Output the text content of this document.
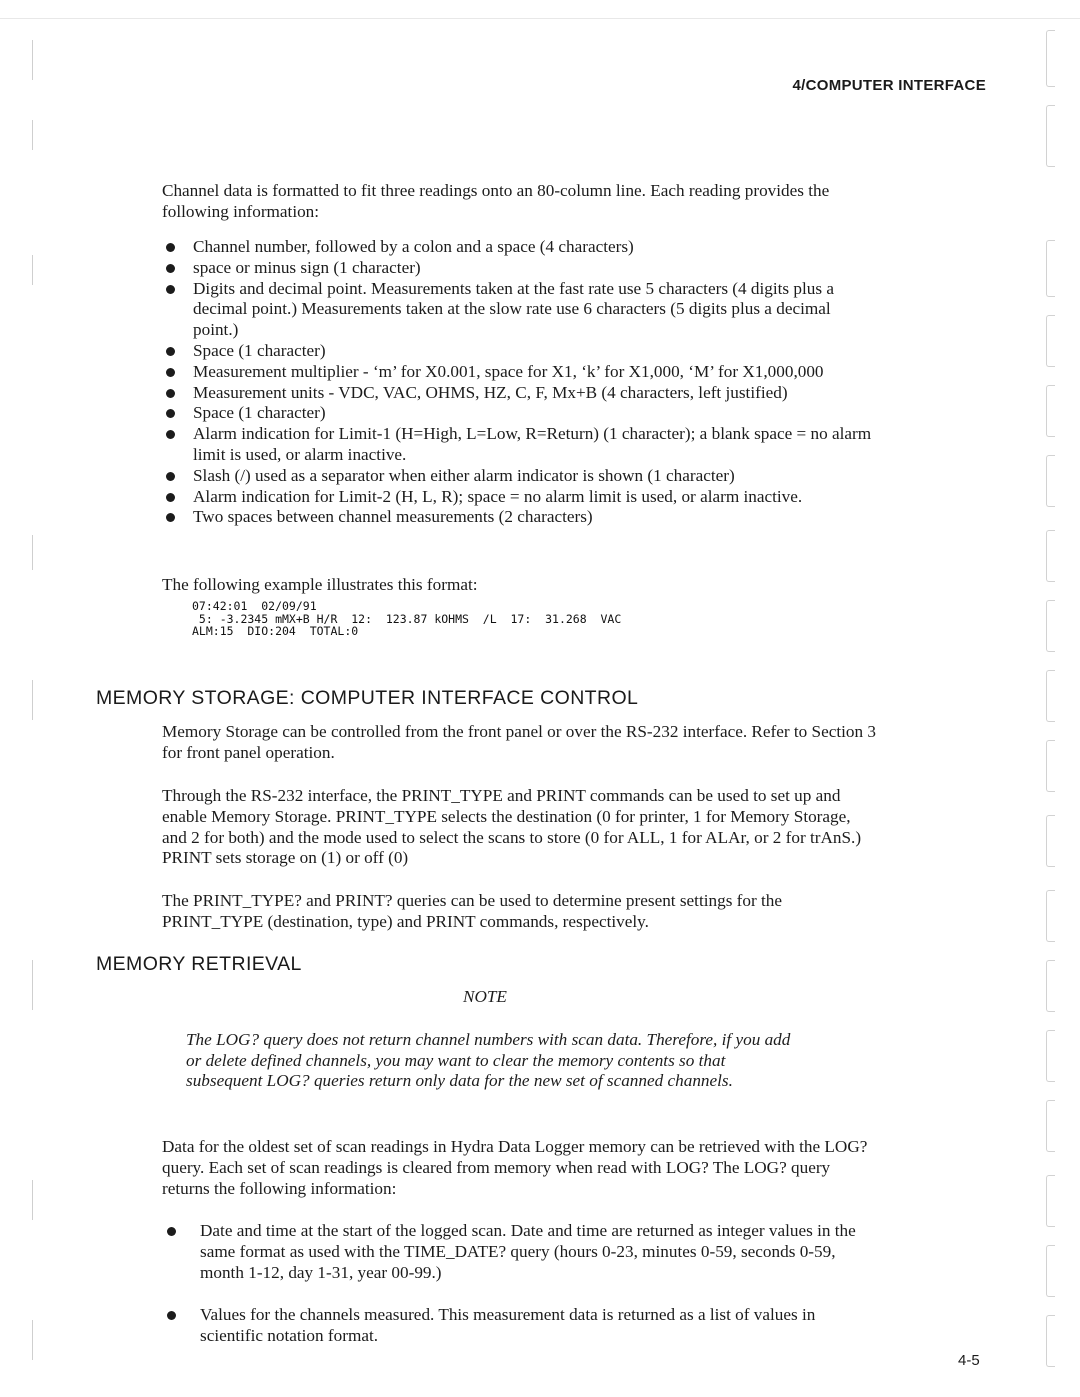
4/COMPUTER INTERFACE

Channel data is formatted to fit three readings onto an 80-column line. Each reading provides the following information:

Channel number, followed by a colon and a space (4 characters)
space or minus sign (1 character)
Digits and decimal point. Measurements taken at the fast rate use 5 characters (4 digits plus a decimal point.) Measurements taken at the slow rate use 6 characters (5 digits plus a decimal point.)
Space (1 character)
Measurement multiplier - ‘m’ for X0.001, space for X1, ‘k’ for X1,000, ‘M’ for X1,000,000
Measurement units - VDC, VAC, OHMS, HZ, C, F, Mx+B (4 characters, left justified)
Space (1 character)
Alarm indication for Limit-1 (H=High, L=Low, R=Return) (1 character); a blank space = no alarm limit is used, or alarm inactive.
Slash (/) used as a separator when either alarm indicator is shown (1 character)
Alarm indication for Limit-2 (H, L, R); space = no alarm limit is used, or alarm inactive.
Two spaces between channel measurements (2 characters)

The following example illustrates this format:

07:42:01  02/09/91
5: -3.2345 mMX+B H/R  12:  123.87 kOHMS  /L  17:  31.268  VAC
ALM:15  DIO:204  TOTAL:0
MEMORY STORAGE: COMPUTER INTERFACE CONTROL

Memory Storage can be controlled from the front panel or over the RS-232 interface. Refer to Section 3 for front panel operation.

Through the RS-232 interface, the PRINT_TYPE and PRINT commands can be used to set up and enable Memory Storage. PRINT_TYPE selects the destination (0 for printer, 1 for Memory Storage, and 2 for both) and the mode used to select the scans to store (0 for ALL, 1 for ALAr, or 2 for trAnS.) PRINT sets storage on (1) or off (0)

The PRINT_TYPE? and PRINT? queries can be used to determine present settings for the PRINT_TYPE (destination, type) and PRINT commands, respectively.

MEMORY RETRIEVAL
NOTE

The LOG? query does not return channel numbers with scan data. Therefore, if you add or delete defined channels, you may want to clear the memory contents so that subsequent LOG? queries return only data for the new set of scanned channels.

Data for the oldest set of scan readings in Hydra Data Logger memory can be retrieved with the LOG? query. Each set of scan readings is cleared from memory when read with LOG? The LOG? query returns the following information:

Date and time at the start of the logged scan. Date and time are returned as integer values in the same format as used with the TIME_DATE? query (hours 0-23, minutes 0-59, seconds 0-59, month 1-12, day 1-31, year 00-99.)
Values for the channels measured. This measurement data is returned as a list of values in scientific notation format.
4-5
